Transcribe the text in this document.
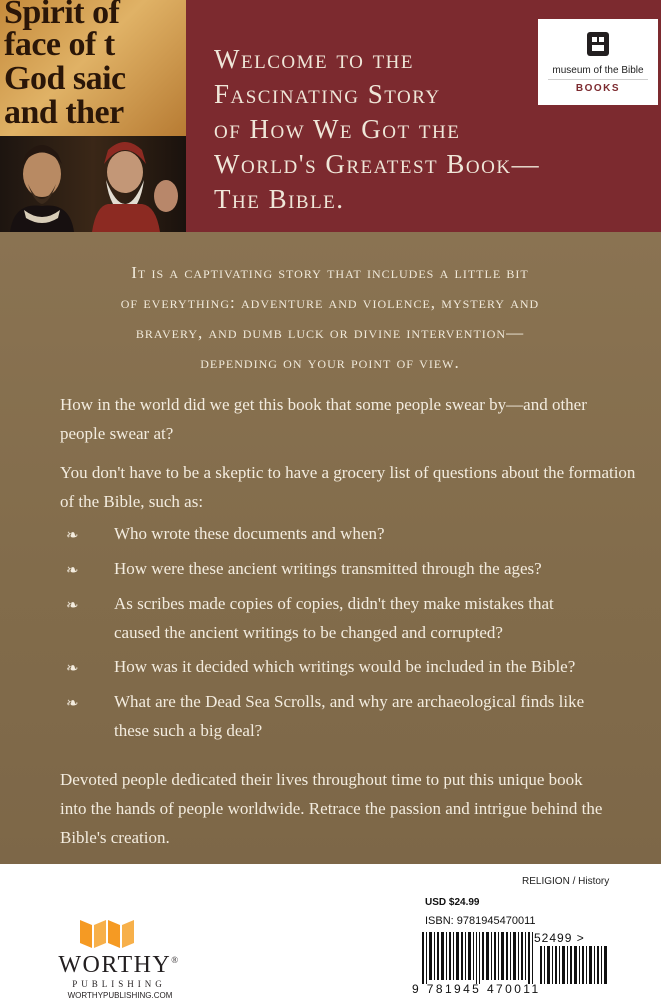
Spirit of
face of t
God saic
and ther
Welcome to the
Fascinating Story
of How We Got the
World's Greatest Book—
The Bible.
museum of the Bible
BOOKS
It is a captivating story that includes a little bit
of everything: adventure and violence, mystery and
bravery, and dumb luck or divine intervention—
depending on your point of view.
How in the world did we get this book that some people swear by—and other
people swear at?
You don't have to be a skeptic to have a grocery list of questions about the formation
of the Bible, such as:
❧ Who wrote these documents and when?
❧ How were these ancient writings transmitted through the ages?
❧ As scribes made copies of copies, didn't they make mistakes that
caused the ancient writings to be changed and corrupted?
❧ How was it decided which writings would be included in the Bible?
❧ What are the Dead Sea Scrolls, and why are archaeological finds like
these such a big deal?
Devoted people dedicated their lives throughout time to put this unique book
into the hands of people worldwide. Retrace the passion and intrigue behind the
Bible's creation.
RELIGION / History
USD $24.99
ISBN: 9781945470011
52499 >
9 781945 470011
WORTHY®
PUBLISHING
WORTHYPUBLISHING.COM
